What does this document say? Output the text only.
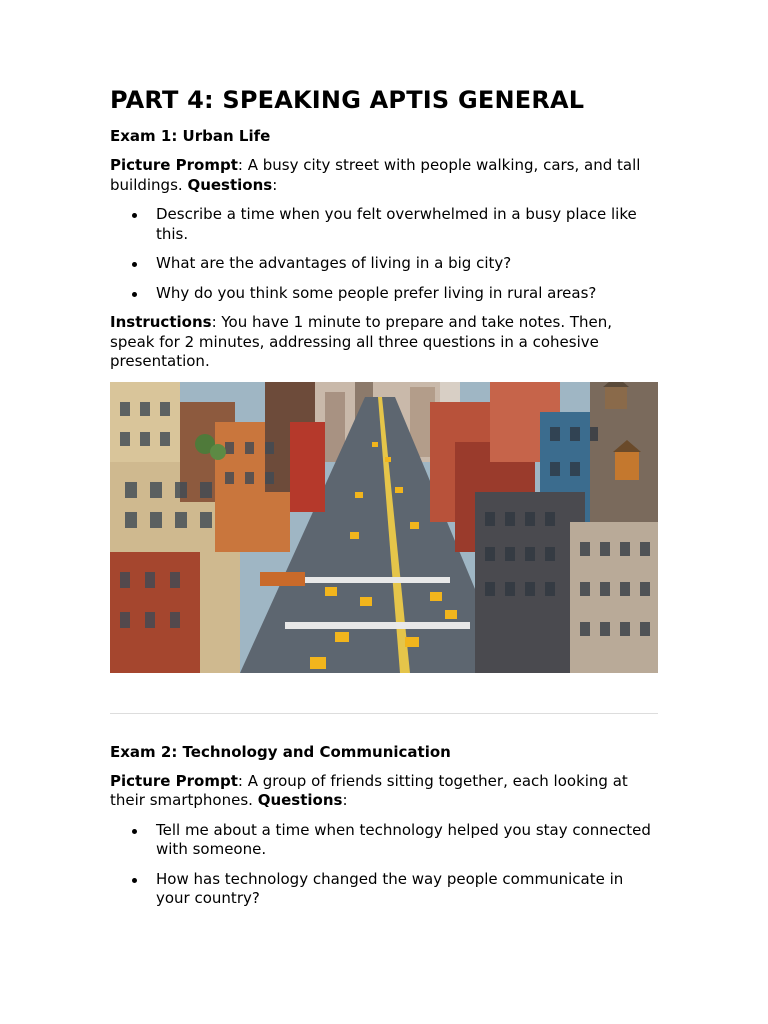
PART 4: SPEAKING APTIS GENERAL
Exam 1: Urban Life

Picture Prompt: A busy city street with people walking, cars, and tall buildings. Questions:

Describe a time when you felt overwhelmed in a busy place like this.
What are the advantages of living in a big city?
Why do you think some people prefer living in rural areas?

Instructions: You have 1 minute to prepare and take notes. Then, speak for 2 minutes, addressing all three questions in a cohesive presentation.

Exam 2: Technology and Communication

Picture Prompt: A group of friends sitting together, each looking at their smartphones. Questions:

Tell me about a time when technology helped you stay connected with someone.
How has technology changed the way people communicate in your country?
